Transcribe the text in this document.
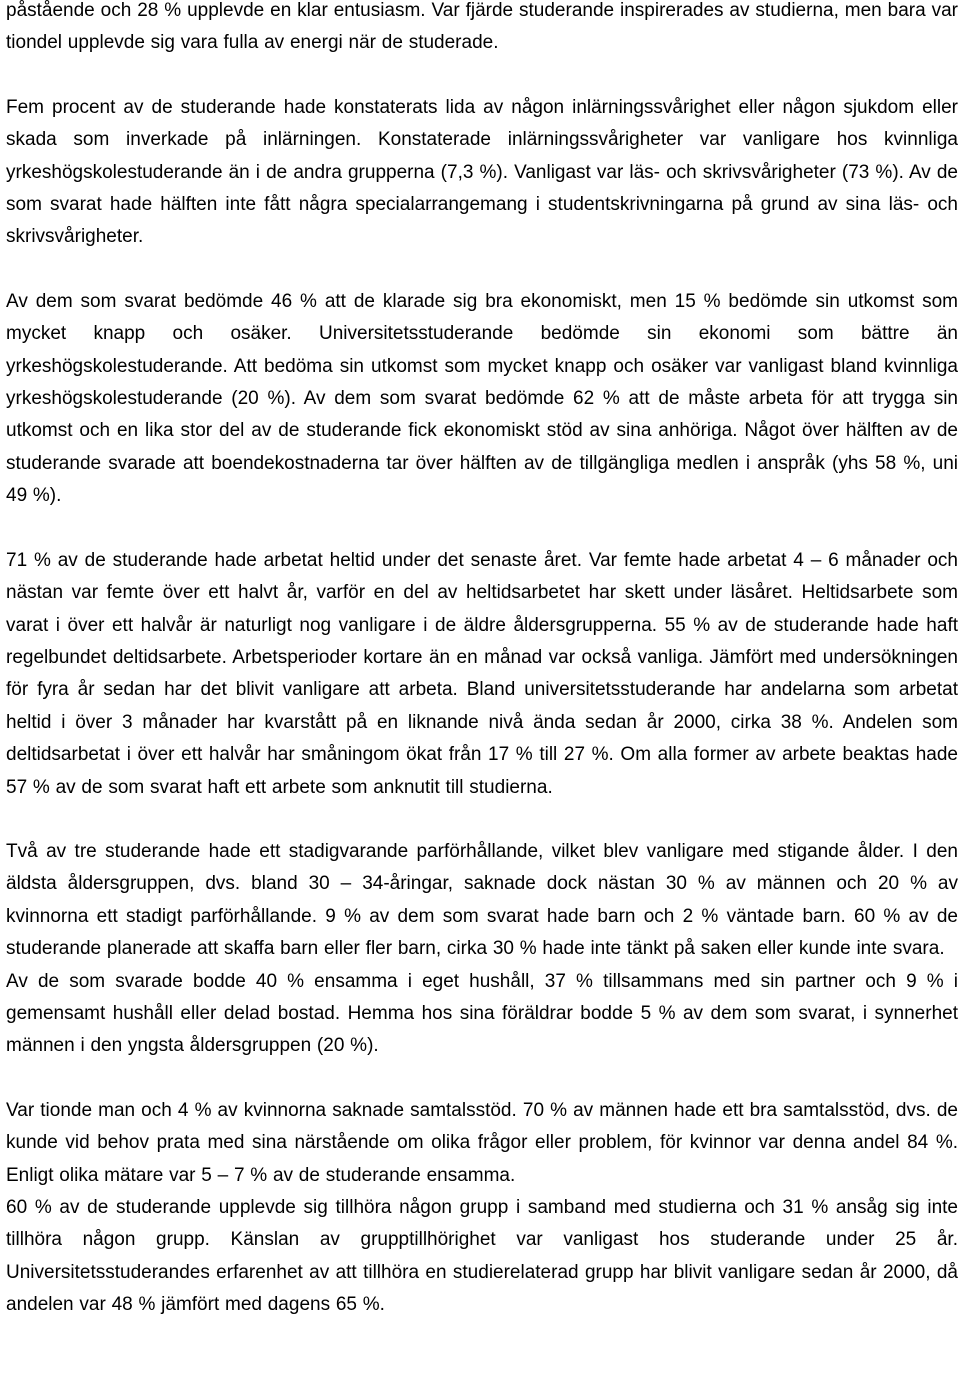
påstående och 28 % upplevde en klar entusiasm. Var fjärde studerande inspirerades av studierna, men bara var tiondel upplevde sig vara fulla av energi när de studerade.

Fem procent av de studerande hade konstaterats lida av någon inlärningssvårighet eller någon sjukdom eller skada som inverkade på inlärningen. Konstaterade inlärningssvårigheter var vanligare hos kvinnliga yrkeshögskolestuderande än i de andra grupperna (7,3 %). Vanligast var läs- och skrivsvårigheter (73 %). Av de som svarat hade hälften inte fått några specialarrangemang i studentskrivningarna på grund av sina läs- och skrivsvårigheter.

Av dem som svarat bedömde 46 % att de klarade sig bra ekonomiskt, men 15 % bedömde sin utkomst som mycket knapp och osäker. Universitetsstuderande bedömde sin ekonomi som bättre än yrkeshögskolestuderande. Att bedöma sin utkomst som mycket knapp och osäker var vanligast bland kvinnliga yrkeshögskolestuderande (20 %). Av dem som svarat bedömde 62 % att de måste arbeta för att trygga sin utkomst och en lika stor del av de studerande fick ekonomiskt stöd av sina anhöriga. Något över hälften av de studerande svarade att boendekostnaderna tar över hälften av de tillgängliga medlen i anspråk (yhs 58 %, uni 49 %).

71 % av de studerande hade arbetat heltid under det senaste året. Var femte hade arbetat 4 – 6 månader och nästan var femte över ett halvt år, varför en del av heltidsarbetet har skett under läsåret. Heltidsarbete som varat i över ett halvår är naturligt nog vanligare i de äldre åldersgrupperna. 55 % av de studerande hade haft regelbundet deltidsarbete. Arbetsperioder kortare än en månad var också vanliga. Jämfört med undersökningen för fyra år sedan har det blivit vanligare att arbeta. Bland universitetsstuderande har andelarna som arbetat heltid i över 3 månader har kvarstått på en liknande nivå ända sedan år 2000, cirka 38 %. Andelen som deltidsarbetat i över ett halvår har småningom ökat från 17 % till 27 %. Om alla former av arbete beaktas hade 57 % av de som svarat haft ett arbete som anknutit till studierna.

Två av tre studerande hade ett stadigvarande parförhållande, vilket blev vanligare med stigande ålder. I den äldsta åldersgruppen, dvs. bland 30 – 34-åringar, saknade dock nästan 30 % av männen och 20 % av kvinnorna ett stadigt parförhållande. 9 % av dem som svarat hade barn och 2 % väntade barn. 60 % av de studerande planerade att skaffa barn eller fler barn, cirka 30 % hade inte tänkt på saken eller kunde inte svara.

Av de som svarade bodde 40 % ensamma i eget hushåll, 37 % tillsammans med sin partner och 9 % i gemensamt hushåll eller delad bostad. Hemma hos sina föräldrar bodde 5 % av dem som svarat, i synnerhet männen i den yngsta åldersgruppen (20 %).

Var tionde man och 4 % av kvinnorna saknade samtalsstöd. 70 % av männen hade ett bra samtalsstöd, dvs. de kunde vid behov prata med sina närstående om olika frågor eller problem, för kvinnor var denna andel 84 %. Enligt olika mätare var 5 – 7 % av de studerande ensamma.

60 % av de studerande upplevde sig tillhöra någon grupp i samband med studierna och 31 % ansåg sig inte tillhöra någon grupp. Känslan av grupptillhörighet var vanligast hos studerande under 25 år. Universitetsstuderandes erfarenhet av att tillhöra en studierelaterad grupp har blivit vanligare sedan år 2000, då andelen var 48 % jämfört med dagens 65 %.
